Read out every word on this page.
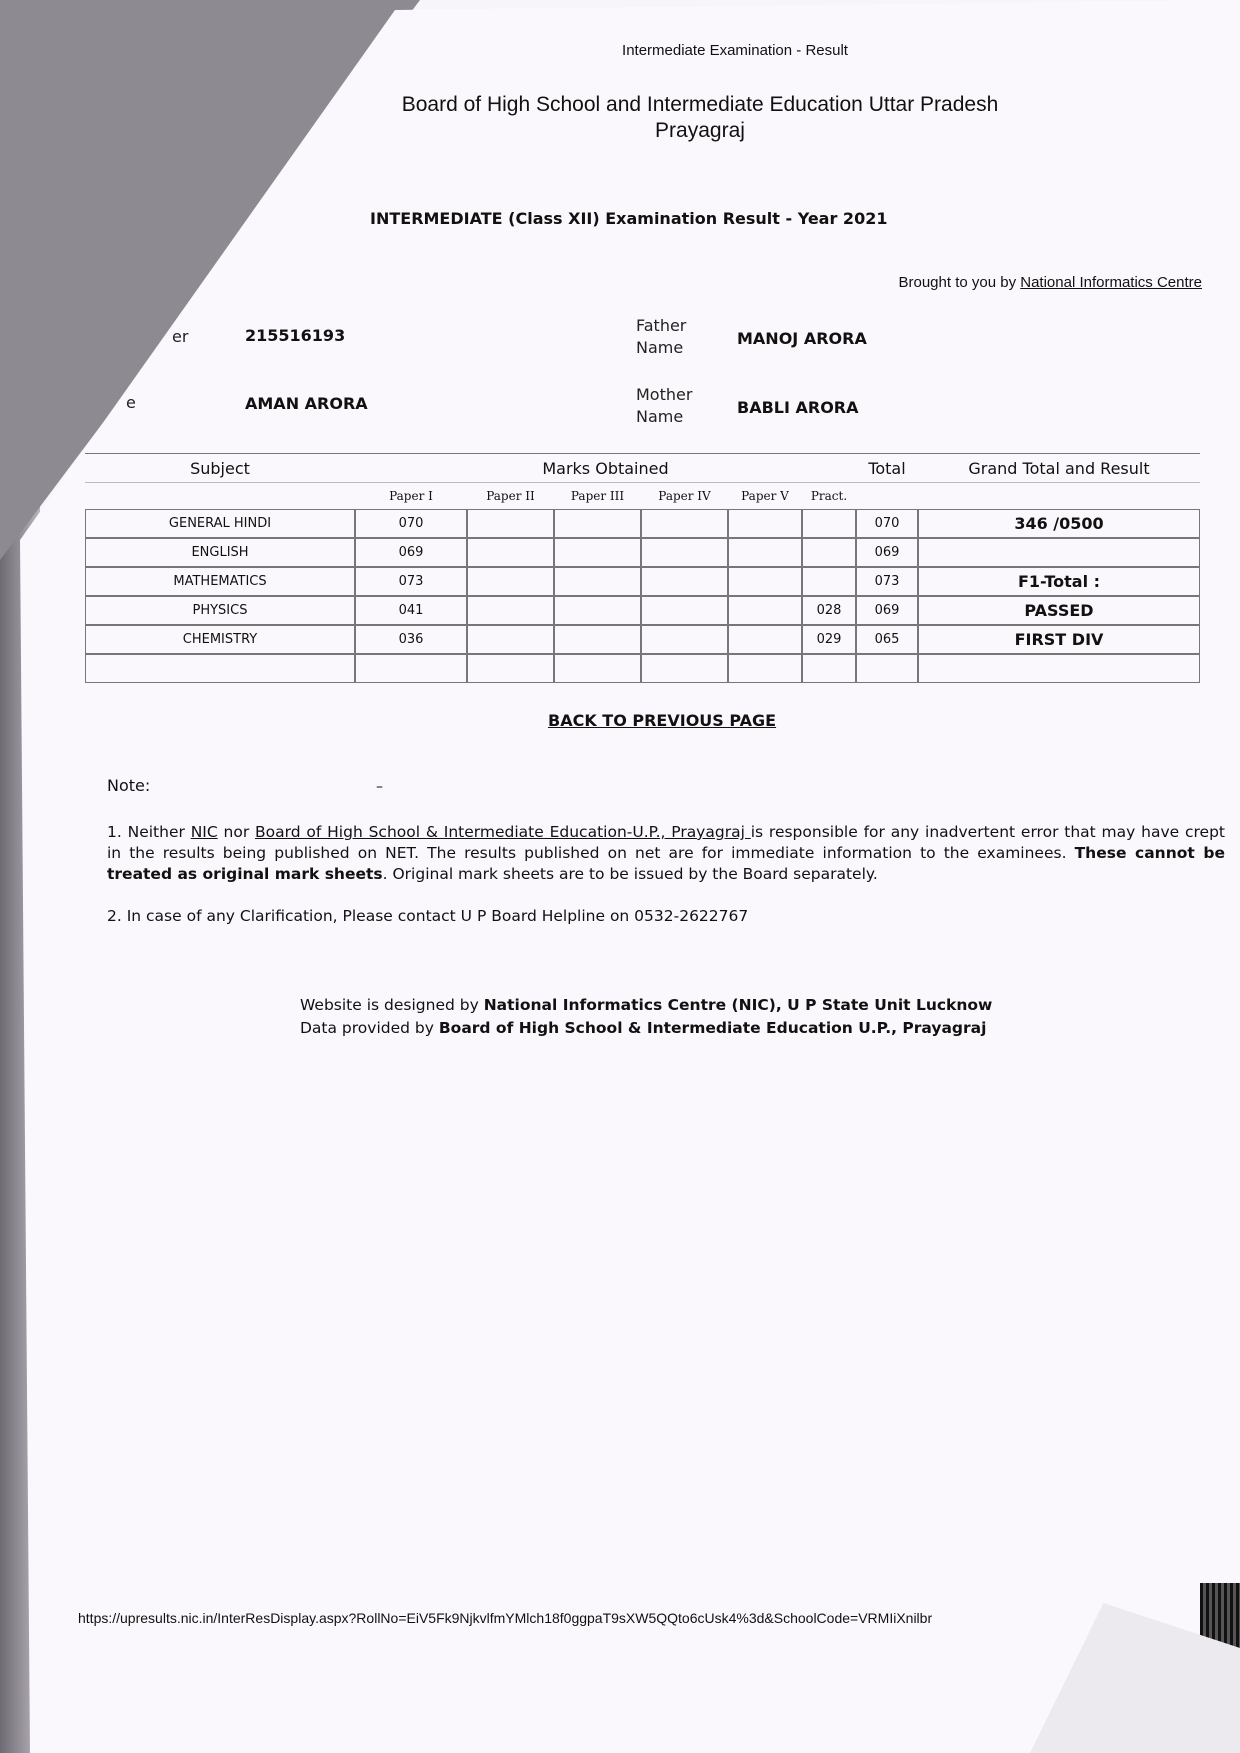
Intermediate Examination - Result
Board of High School and Intermediate Education Uttar Pradesh
Prayagraj
INTERMEDIATE (Class XII) Examination Result - Year 2021
Brought to you by National Informatics Centre
er	215516193
e	AMAN ARORA
Father
Name	MANOJ ARORA
Mother
Name	BABLI ARORA
Subject	Marks Obtained						Total	Grand Total and Result
	Paper I	Paper II	Paper III	Paper IV	Paper V	Pract.		
GENERAL HINDI	070						070	346 /0500
ENGLISH	069						069	
MATHEMATICS	073						073	F1-Total :
PHYSICS	041					028	069	PASSED
CHEMISTRY	036					029	065	FIRST DIV

BACK TO PREVIOUS PAGE
Note:	–
1. Neither NIC nor Board of High School & Intermediate Education-U.P., Prayagraj is responsible for any inadvertent error that may have crept in the results being published on NET. The results published on net are for immediate information to the examinees. These cannot be treated as original mark sheets. Original mark sheets are to be issued by the Board separately.
2. In case of any Clarification, Please contact U P Board Helpline on 0532-2622767
Website is designed by National Informatics Centre (NIC), U P State Unit Lucknow
Data provided by Board of High School & Intermediate Education U.P., Prayagraj
https://upresults.nic.in/InterResDisplay.aspx?RollNo=EiV5Fk9NjkvlfmYMlch18f0ggpaT9sXW5QQto6cUsk4%3d&SchoolCode=VRMIiXnilbr
